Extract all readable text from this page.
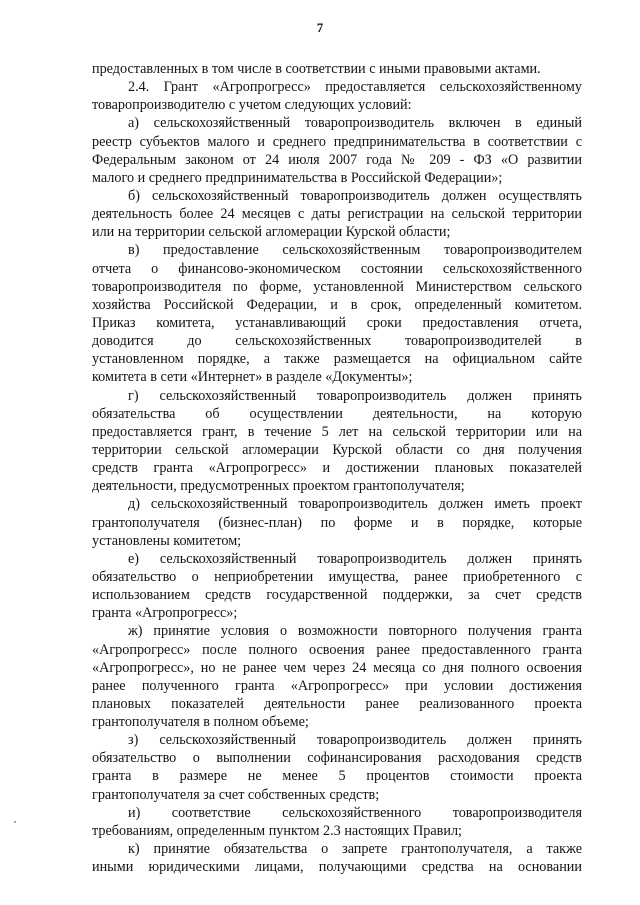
7
предоставленных в том числе в соответствии с иными правовыми актами.
2.4. Грант «Агропрогресс» предоставляется сельскохозяйственному
товаропроизводителю с учетом следующих условий:
а) сельскохозяйственный товаропроизводитель включен в единый
реестр субъектов малого и среднего предпринимательства в соответствии с
Федеральным законом от 24 июля 2007 года № 209 - ФЗ «О развитии
малого и среднего предпринимательства в Российской Федерации»;
б) сельскохозяйственный товаропроизводитель должен осуществлять
деятельность более 24 месяцев с даты регистрации на сельской территории
или на территории сельской агломерации Курской области;
в) предоставление сельскохозяйственным товаропроизводителем
отчета о финансово-экономическом состоянии сельскохозяйственного
товаропроизводителя по форме, установленной Министерством сельского
хозяйства Российской Федерации, и в срок, определенный комитетом.
Приказ комитета, устанавливающий сроки предоставления отчета,
доводится до сельскохозяйственных товаропроизводителей в
установленном порядке, а также размещается на официальном сайте
комитета в сети «Интернет» в разделе «Документы»;
г) сельскохозяйственный товаропроизводитель должен принять
обязательства об осуществлении деятельности, на которую
предоставляется грант, в течение 5 лет на сельской территории или на
территории сельской агломерации Курской области со дня получения
средств гранта «Агропрогресс» и достижении плановых показателей
деятельности, предусмотренных проектом грантополучателя;
д) сельскохозяйственный товаропроизводитель должен иметь проект
грантополучателя (бизнес-план) по форме и в порядке, которые
установлены комитетом;
е) сельскохозяйственный товаропроизводитель должен принять
обязательство о неприобретении имущества, ранее приобретенного с
использованием средств государственной поддержки, за счет средств
гранта «Агропрогресс»;
ж) принятие условия о возможности повторного получения гранта
«Агропрогресс» после полного освоения ранее предоставленного гранта
«Агропрогресс», но не ранее чем через 24 месяца со дня полного освоения
ранее полученного гранта «Агропрогресс» при условии достижения
плановых показателей деятельности ранее реализованного проекта
грантополучателя в полном объеме;
з) сельскохозяйственный товаропроизводитель должен принять
обязательство о выполнении софинансирования расходования средств
гранта в размере не менее 5 процентов стоимости проекта
грантополучателя за счет собственных средств;
и) соответствие сельскохозяйственного товаропроизводителя
требованиям, определенным пунктом 2.3 настоящих Правил;
к) принятие обязательства о запрете грантополучателя, а также
иными юридическими лицами, получающими средства на основании
